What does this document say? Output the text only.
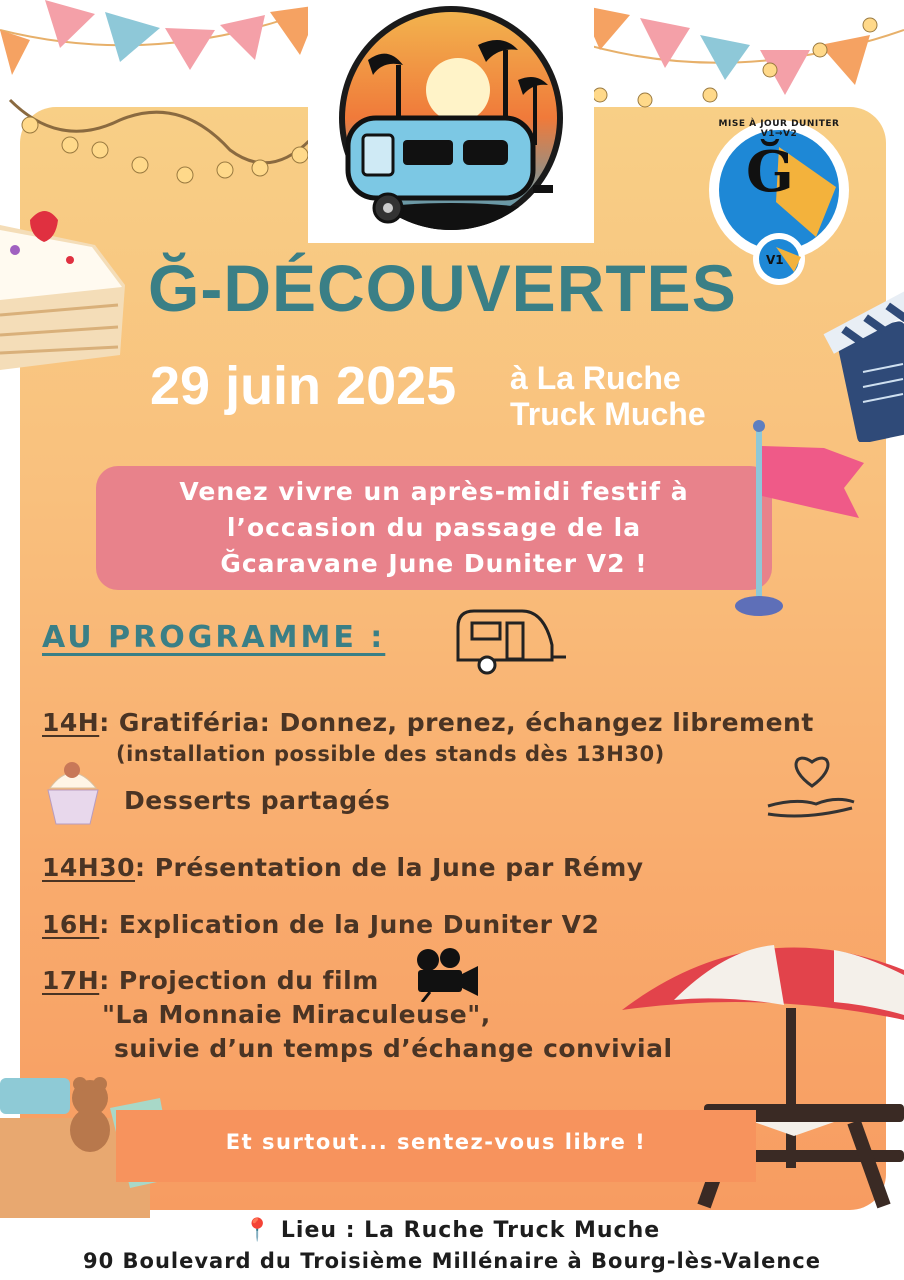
Ğ
V1
MISE À JOUR DUNITER V1→V2
Ğ-DÉCOUVERTES
29 juin 2025 à La Ruche
Truck Muche
Venez vivre un après-midi festif à
l’occasion du passage de la
Ğcaravane June Duniter V2 !
AU PROGRAMME :
14H: Gratiféria: Donnez, prenez, échangez librement
(installation possible des stands dès 13H30)
Desserts partagés
14H30: Présentation de la June par Rémy
16H: Explication de la June Duniter V2
17H: Projection du film
"La Monnaie Miraculeuse",
suivie d’un temps d’échange convivial
Et surtout... sentez-vous libre !
📍 Lieu : La Ruche Truck Muche
90 Boulevard du Troisième Millénaire à Bourg-lès-Valence
